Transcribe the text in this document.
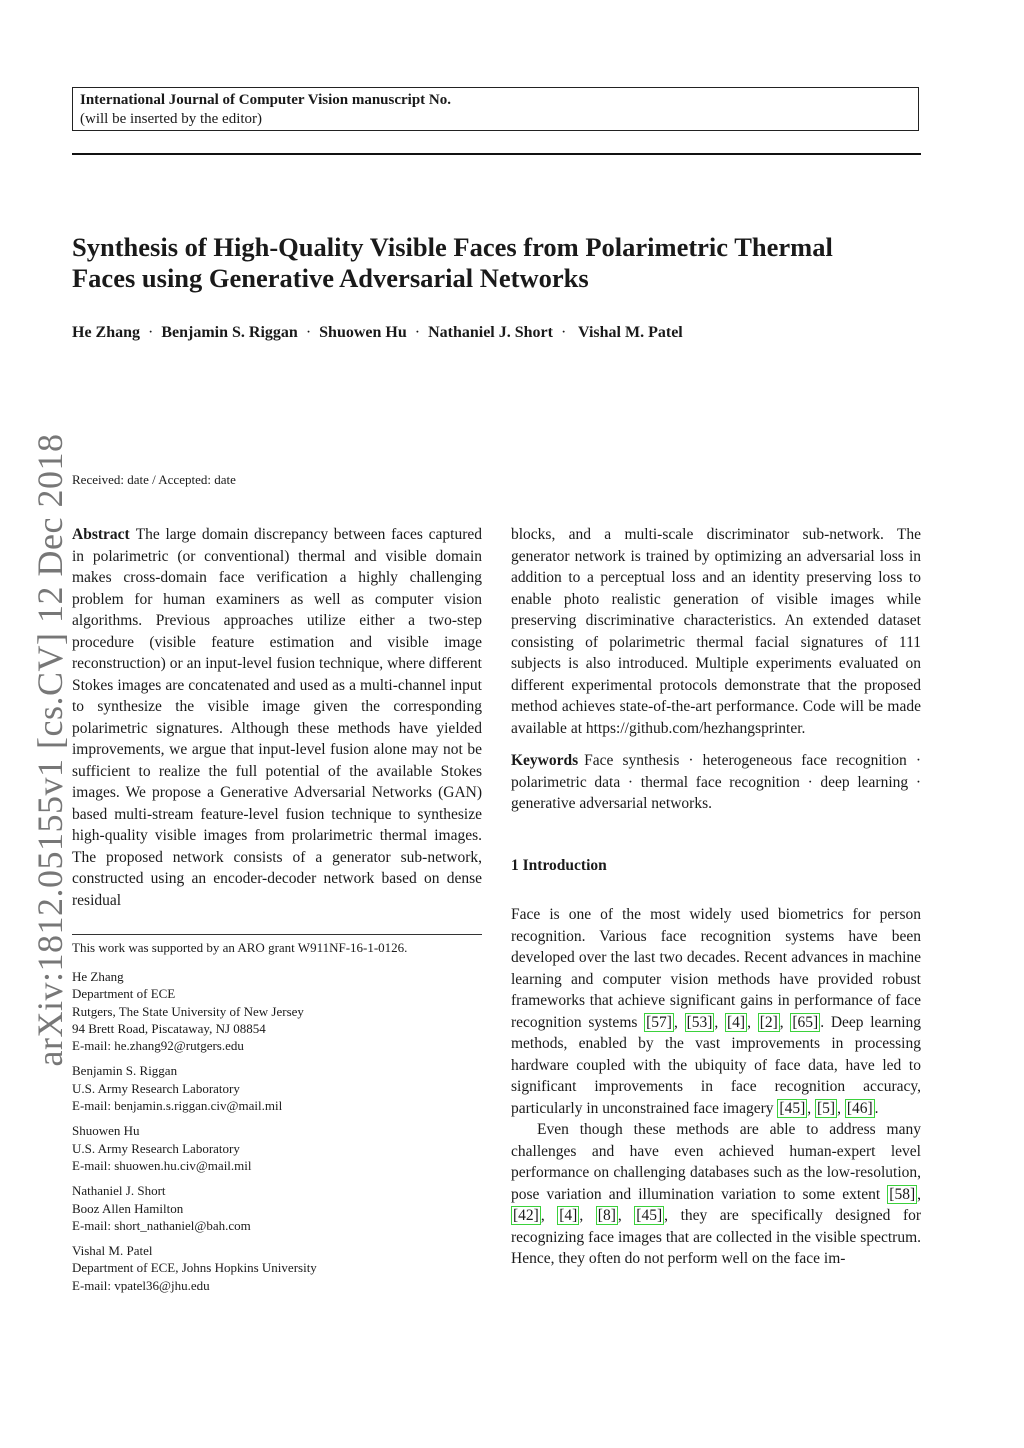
International Journal of Computer Vision manuscript No.
(will be inserted by the editor)
Synthesis of High-Quality Visible Faces from Polarimetric Thermal
Faces using Generative Adversarial Networks
He Zhang · Benjamin S. Riggan · Shuowen Hu · Nathaniel J. Short · Vishal M. Patel
arXiv:1812.05155v1 [cs.CV] 12 Dec 2018 Received: date / Accepted: date

Abstract The large domain discrepancy between faces captured in polarimetric (or conventional) thermal and visible domain makes cross-domain face verification a highly challenging problem for human examiners as well as computer vision algorithms. Previous approaches utilize either a two-step procedure (visible feature estimation and visible image reconstruction) or an input-level fusion technique, where different Stokes images are concatenated and used as a multi-channel input to synthesize the visible image given the corresponding polarimetric signatures. Although these methods have yielded improvements, we argue that input-level fusion alone may not be sufficient to realize the full potential of the available Stokes images. We propose a Generative Adversarial Networks (GAN) based multi-stream feature-level fusion technique to synthesize high-quality visible images from prolarimetric thermal images. The proposed network consists of a generator sub-network, constructed using an encoder-decoder network based on dense residual

This work was supported by an ARO grant W911NF-16-1-0126.
He Zhang
Department of ECE
Rutgers, The State University of New Jersey
94 Brett Road, Piscataway, NJ 08854
E-mail: he.zhang92@rutgers.edu
Benjamin S. Riggan
U.S. Army Research Laboratory
E-mail: benjamin.s.riggan.civ@mail.mil
Shuowen Hu
U.S. Army Research Laboratory
E-mail: shuowen.hu.civ@mail.mil
Nathaniel J. Short
Booz Allen Hamilton
E-mail: short_nathaniel@bah.com
Vishal M. Patel
Department of ECE, Johns Hopkins University
E-mail: vpatel36@jhu.edu

blocks, and a multi-scale discriminator sub-network. The generator network is trained by optimizing an adversarial loss in addition to a perceptual loss and an identity preserving loss to enable photo realistic generation of visible images while preserving discriminative characteristics. An extended dataset consisting of polarimetric thermal facial signatures of 111 subjects is also introduced. Multiple experiments evaluated on different experimental protocols demonstrate that the proposed method achieves state-of-the-art performance. Code will be made available at https://github.com/hezhangsprinter.

Keywords Face synthesis · heterogeneous face recognition · polarimetric data · thermal face recognition · deep learning · generative adversarial networks.

1 Introduction

Face is one of the most widely used biometrics for person recognition. Various face recognition systems have been developed over the last two decades. Recent advances in machine learning and computer vision methods have provided robust frameworks that achieve significant gains in performance of face recognition systems [57] , [53] , [4] , [2] , [65] . Deep learning methods, enabled by the vast improvements in processing hardware coupled with the ubiquity of face data, have led to significant improvements in face recognition accuracy, particularly in unconstrained face imagery [45] , [5] , [46] .

Even though these methods are able to address many challenges and have even achieved human-expert level performance on challenging databases such as the low-resolution, pose variation and illumination variation to some extent [58] , [42] , [4] , [8] , [45] , they are specifically designed for recognizing face images that are collected in the visible spectrum. Hence, they often do not perform well on the face im-
